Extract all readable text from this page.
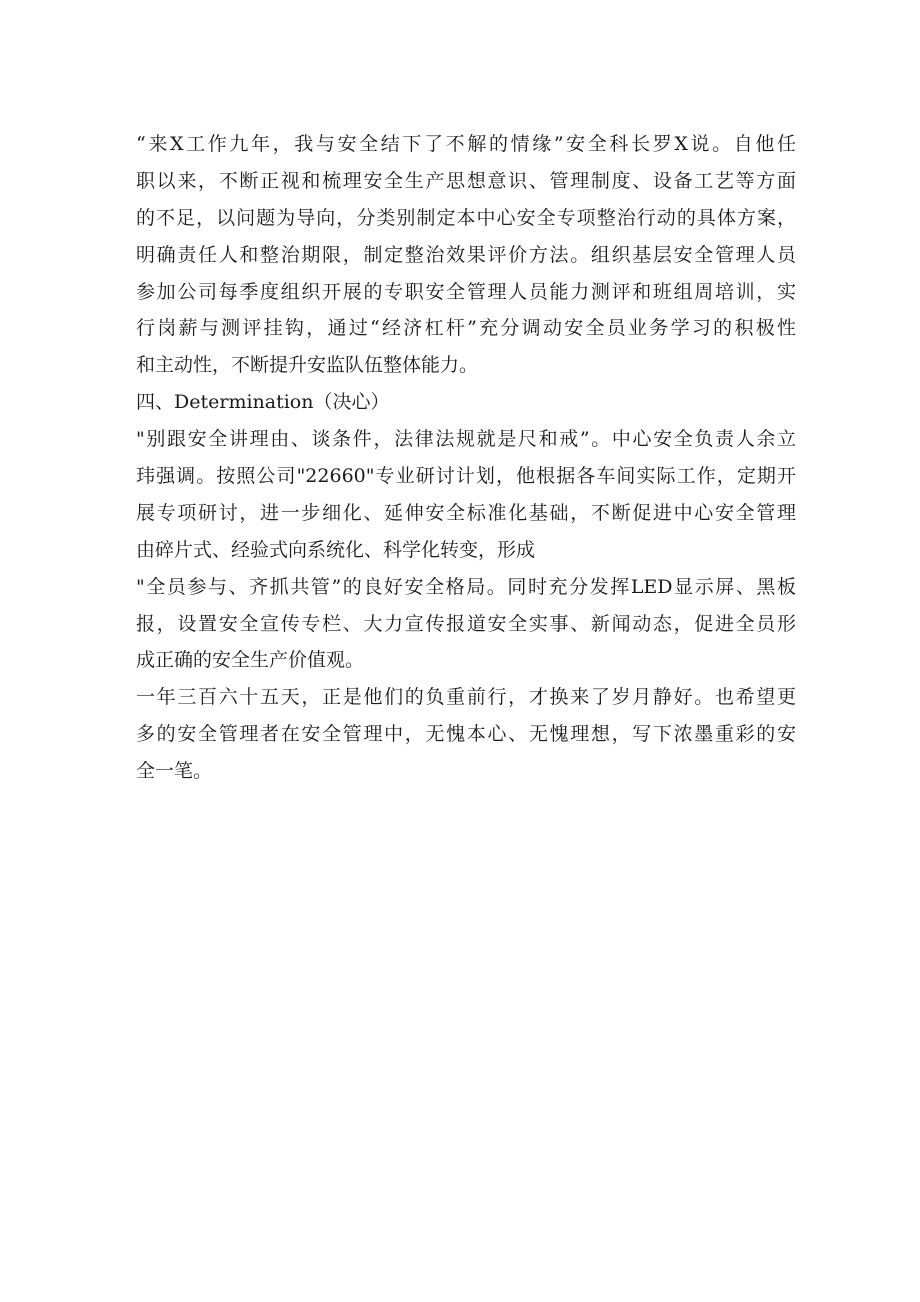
“来X工作九年，我与安全结下了不解的情缘”安全科长罗X说。自他任
职以来，不断正视和梳理安全生产思想意识、管理制度、设备工艺等方面
的不足，以问题为导向，分类别制定本中心安全专项整治行动的具体方案，
明确责任人和整治期限，制定整治效果评价方法。组织基层安全管理人员
参加公司每季度组织开展的专职安全管理人员能力测评和班组周培训，实
行岗薪与测评挂钩，通过“经济杠杆”充分调动安全员业务学习的积极性
和主动性，不断提升安监队伍整体能力。
四、Determination（决心）
"别跟安全讲理由、谈条件，法律法规就是尺和戒”。中心安全负责人余立
玮强调。按照公司"22660"专业研讨计划，他根据各车间实际工作，定期开
展专项研讨，进一步细化、延伸安全标准化基础，不断促进中心安全管理
由碎片式、经验式向系统化、科学化转变，形成
"全员参与、齐抓共管”的良好安全格局。同时充分发挥LED显示屏、黑板
报，设置安全宣传专栏、大力宣传报道安全实事、新闻动态，促进全员形
成正确的安全生产价值观。
一年三百六十五天，正是他们的负重前行，才换来了岁月静好。也希望更
多的安全管理者在安全管理中，无愧本心、无愧理想，写下浓墨重彩的安
全一笔。
